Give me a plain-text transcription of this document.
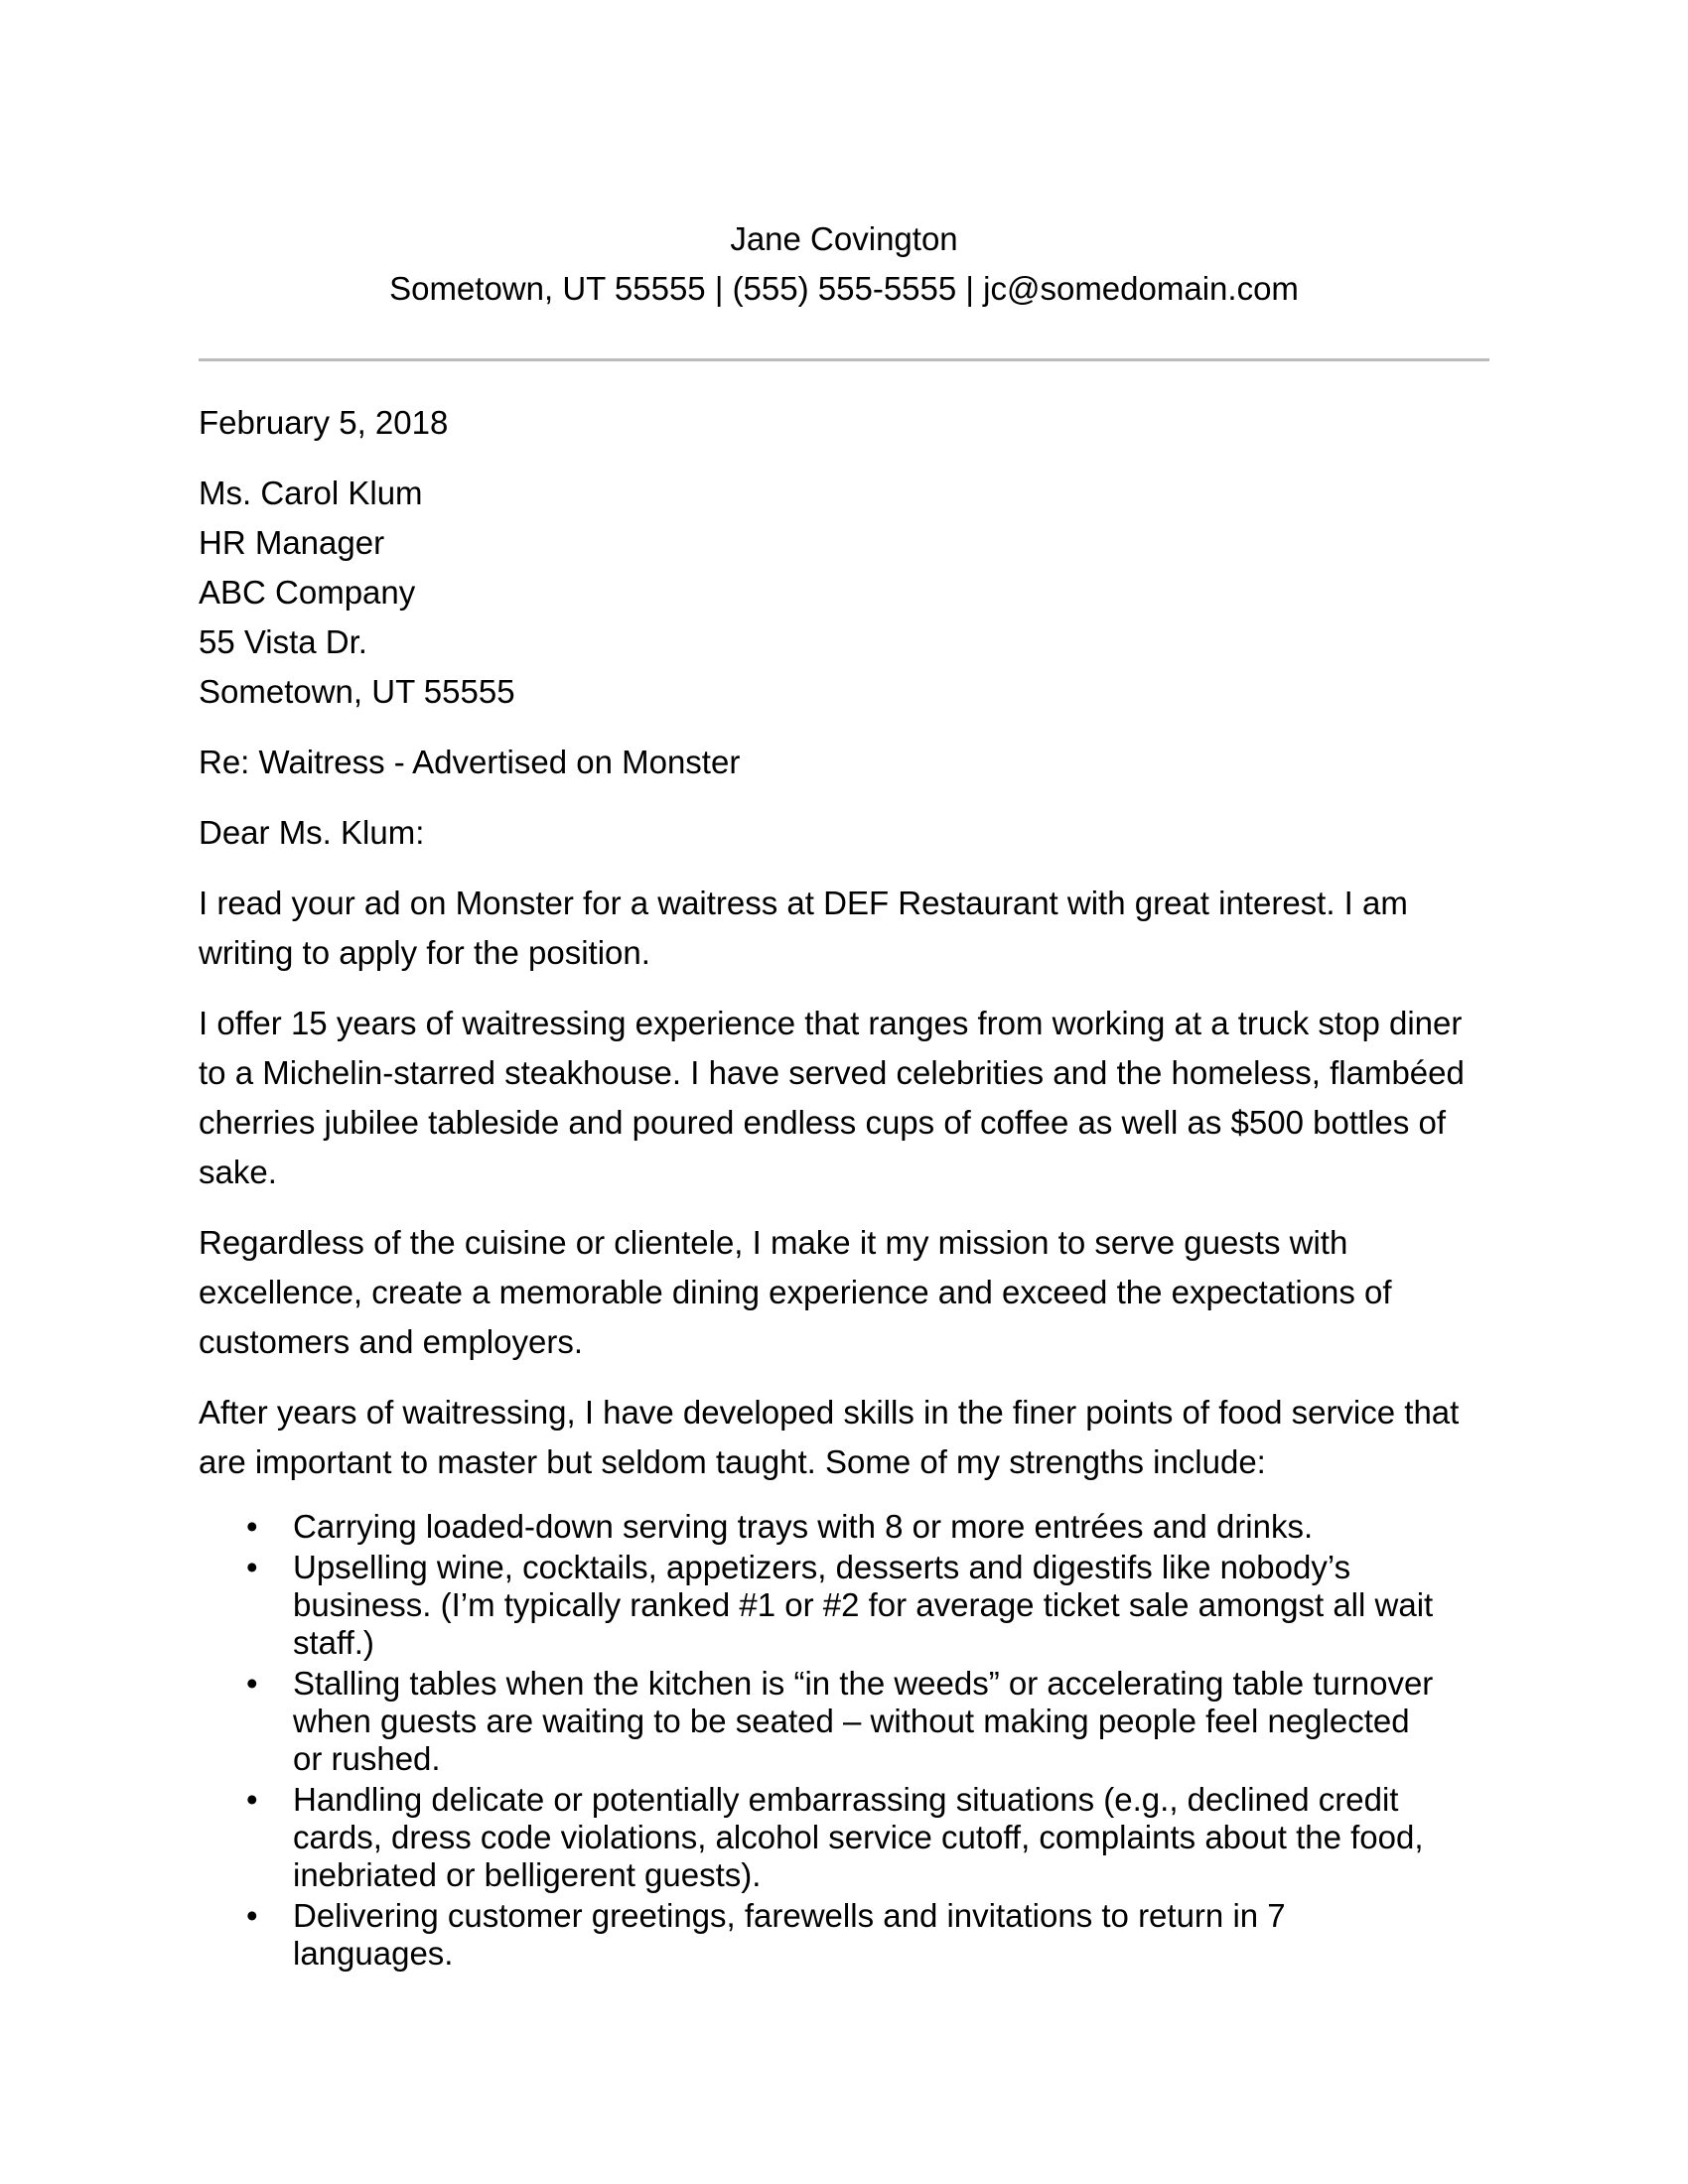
Jane Covington
Sometown, UT 55555 | (555) 555-5555 | jc@somedomain.com

February 5, 2018

Ms. Carol Klum
HR Manager
ABC Company
55 Vista Dr.
Sometown, UT 55555

Re: Waitress - Advertised on Monster

Dear Ms. Klum:

I read your ad on Monster for a waitress at DEF Restaurant with great interest. I am writing to apply for the position.

I offer 15 years of waitressing experience that ranges from working at a truck stop diner to a Michelin-starred steakhouse. I have served celebrities and the homeless, flambéed cherries jubilee tableside and poured endless cups of coffee as well as $500 bottles of sake.

Regardless of the cuisine or clientele, I make it my mission to serve guests with excellence, create a memorable dining experience and exceed the expectations of customers and employers.

After years of waitressing, I have developed skills in the finer points of food service that are important to master but seldom taught. Some of my strengths include:

• Carrying loaded-down serving trays with 8 or more entrées and drinks.
• Upselling wine, cocktails, appetizers, desserts and digestifs like nobody’s business. (I’m typically ranked #1 or #2 for average ticket sale amongst all wait staff.)
• Stalling tables when the kitchen is “in the weeds” or accelerating table turnover when guests are waiting to be seated – without making people feel neglected or rushed.
• Handling delicate or potentially embarrassing situations (e.g., declined credit cards, dress code violations, alcohol service cutoff, complaints about the food, inebriated or belligerent guests).
• Delivering customer greetings, farewells and invitations to return in 7 languages.
